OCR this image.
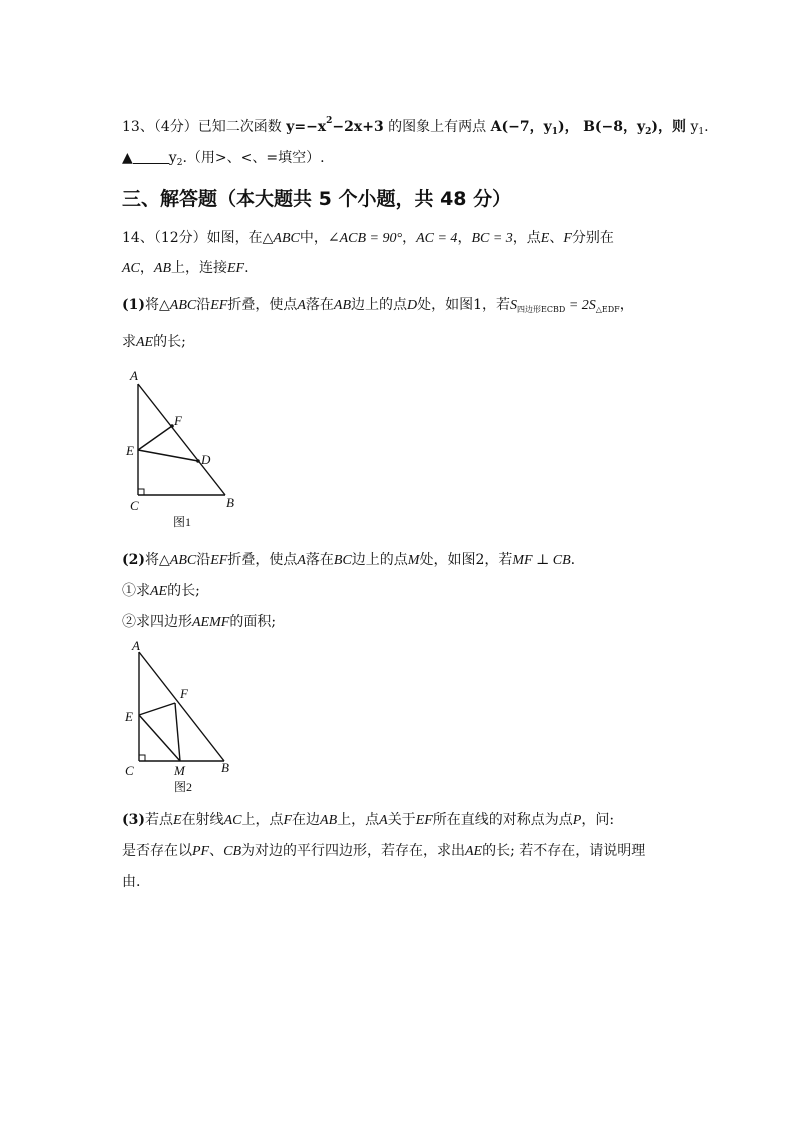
13、（4分）已知二次函数 $y=-x^2-2x+3$ 的图象上有两点 A(−7，$y_1$)， B(−8，$y_2$)，则 $y_1$.
▲	$y_2$.（用>、<、=填空）.
三、解答题（本大题共 5 个小题，共 48 分）
14、（12分）如图，在△ABC中，∠ACB = 90°，AC = 4，BC = 3，点E、F分别在
AC，AB上，连接EF.
(1)将△ABC沿EF折叠，使点A落在AB边上的点D处，如图1，若$S_{四边形ECBD} = 2S_{\triangle EDF}$，
求AE的长;
A
F
E
D
C	B
图1
(2)将△ABC沿EF折叠，使点A落在BC边上的点M处，如图2，若MF ⊥ CB.
①求AE的长;
②求四边形AEMF的面积;
A
F
E
C	M	B
图2
(3)若点E在射线AC上，点F在边AB上，点A关于EF所在直线的对称点为点P，问:
是否存在以PF、CB为对边的平行四边形，若存在，求出AE的长; 若不存在，请说明理
由.
